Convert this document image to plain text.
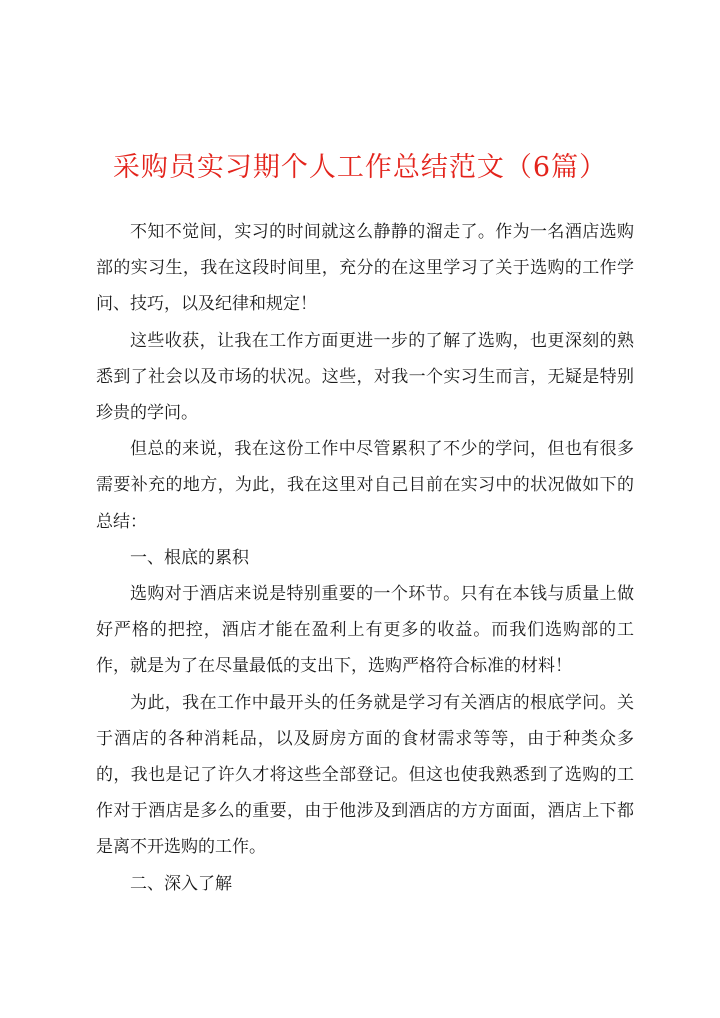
采购员实习期个人工作总结范文（6篇）

不知不觉间，实习的时间就这么静静的溜走了。作为一名酒店选购部的实习生，我在这段时间里，充分的在这里学习了关于选购的工作学问、技巧，以及纪律和规定！

这些收获，让我在工作方面更进一步的了解了选购，也更深刻的熟悉到了社会以及市场的状况。这些，对我一个实习生而言，无疑是特别珍贵的学问。

但总的来说，我在这份工作中尽管累积了不少的学问，但也有很多需要补充的地方，为此，我在这里对自己目前在实习中的状况做如下的总结：

一、根底的累积

选购对于酒店来说是特别重要的一个环节。只有在本钱与质量上做好严格的把控，酒店才能在盈利上有更多的收益。而我们选购部的工作，就是为了在尽量最低的支出下，选购严格符合标准的材料！

为此，我在工作中最开头的任务就是学习有关酒店的根底学问。关于酒店的各种消耗品，以及厨房方面的食材需求等等，由于种类众多的，我也是记了许久才将这些全部登记。但这也使我熟悉到了选购的工作对于酒店是多么的重要，由于他涉及到酒店的方方面面，酒店上下都是离不开选购的工作。

二、深入了解
